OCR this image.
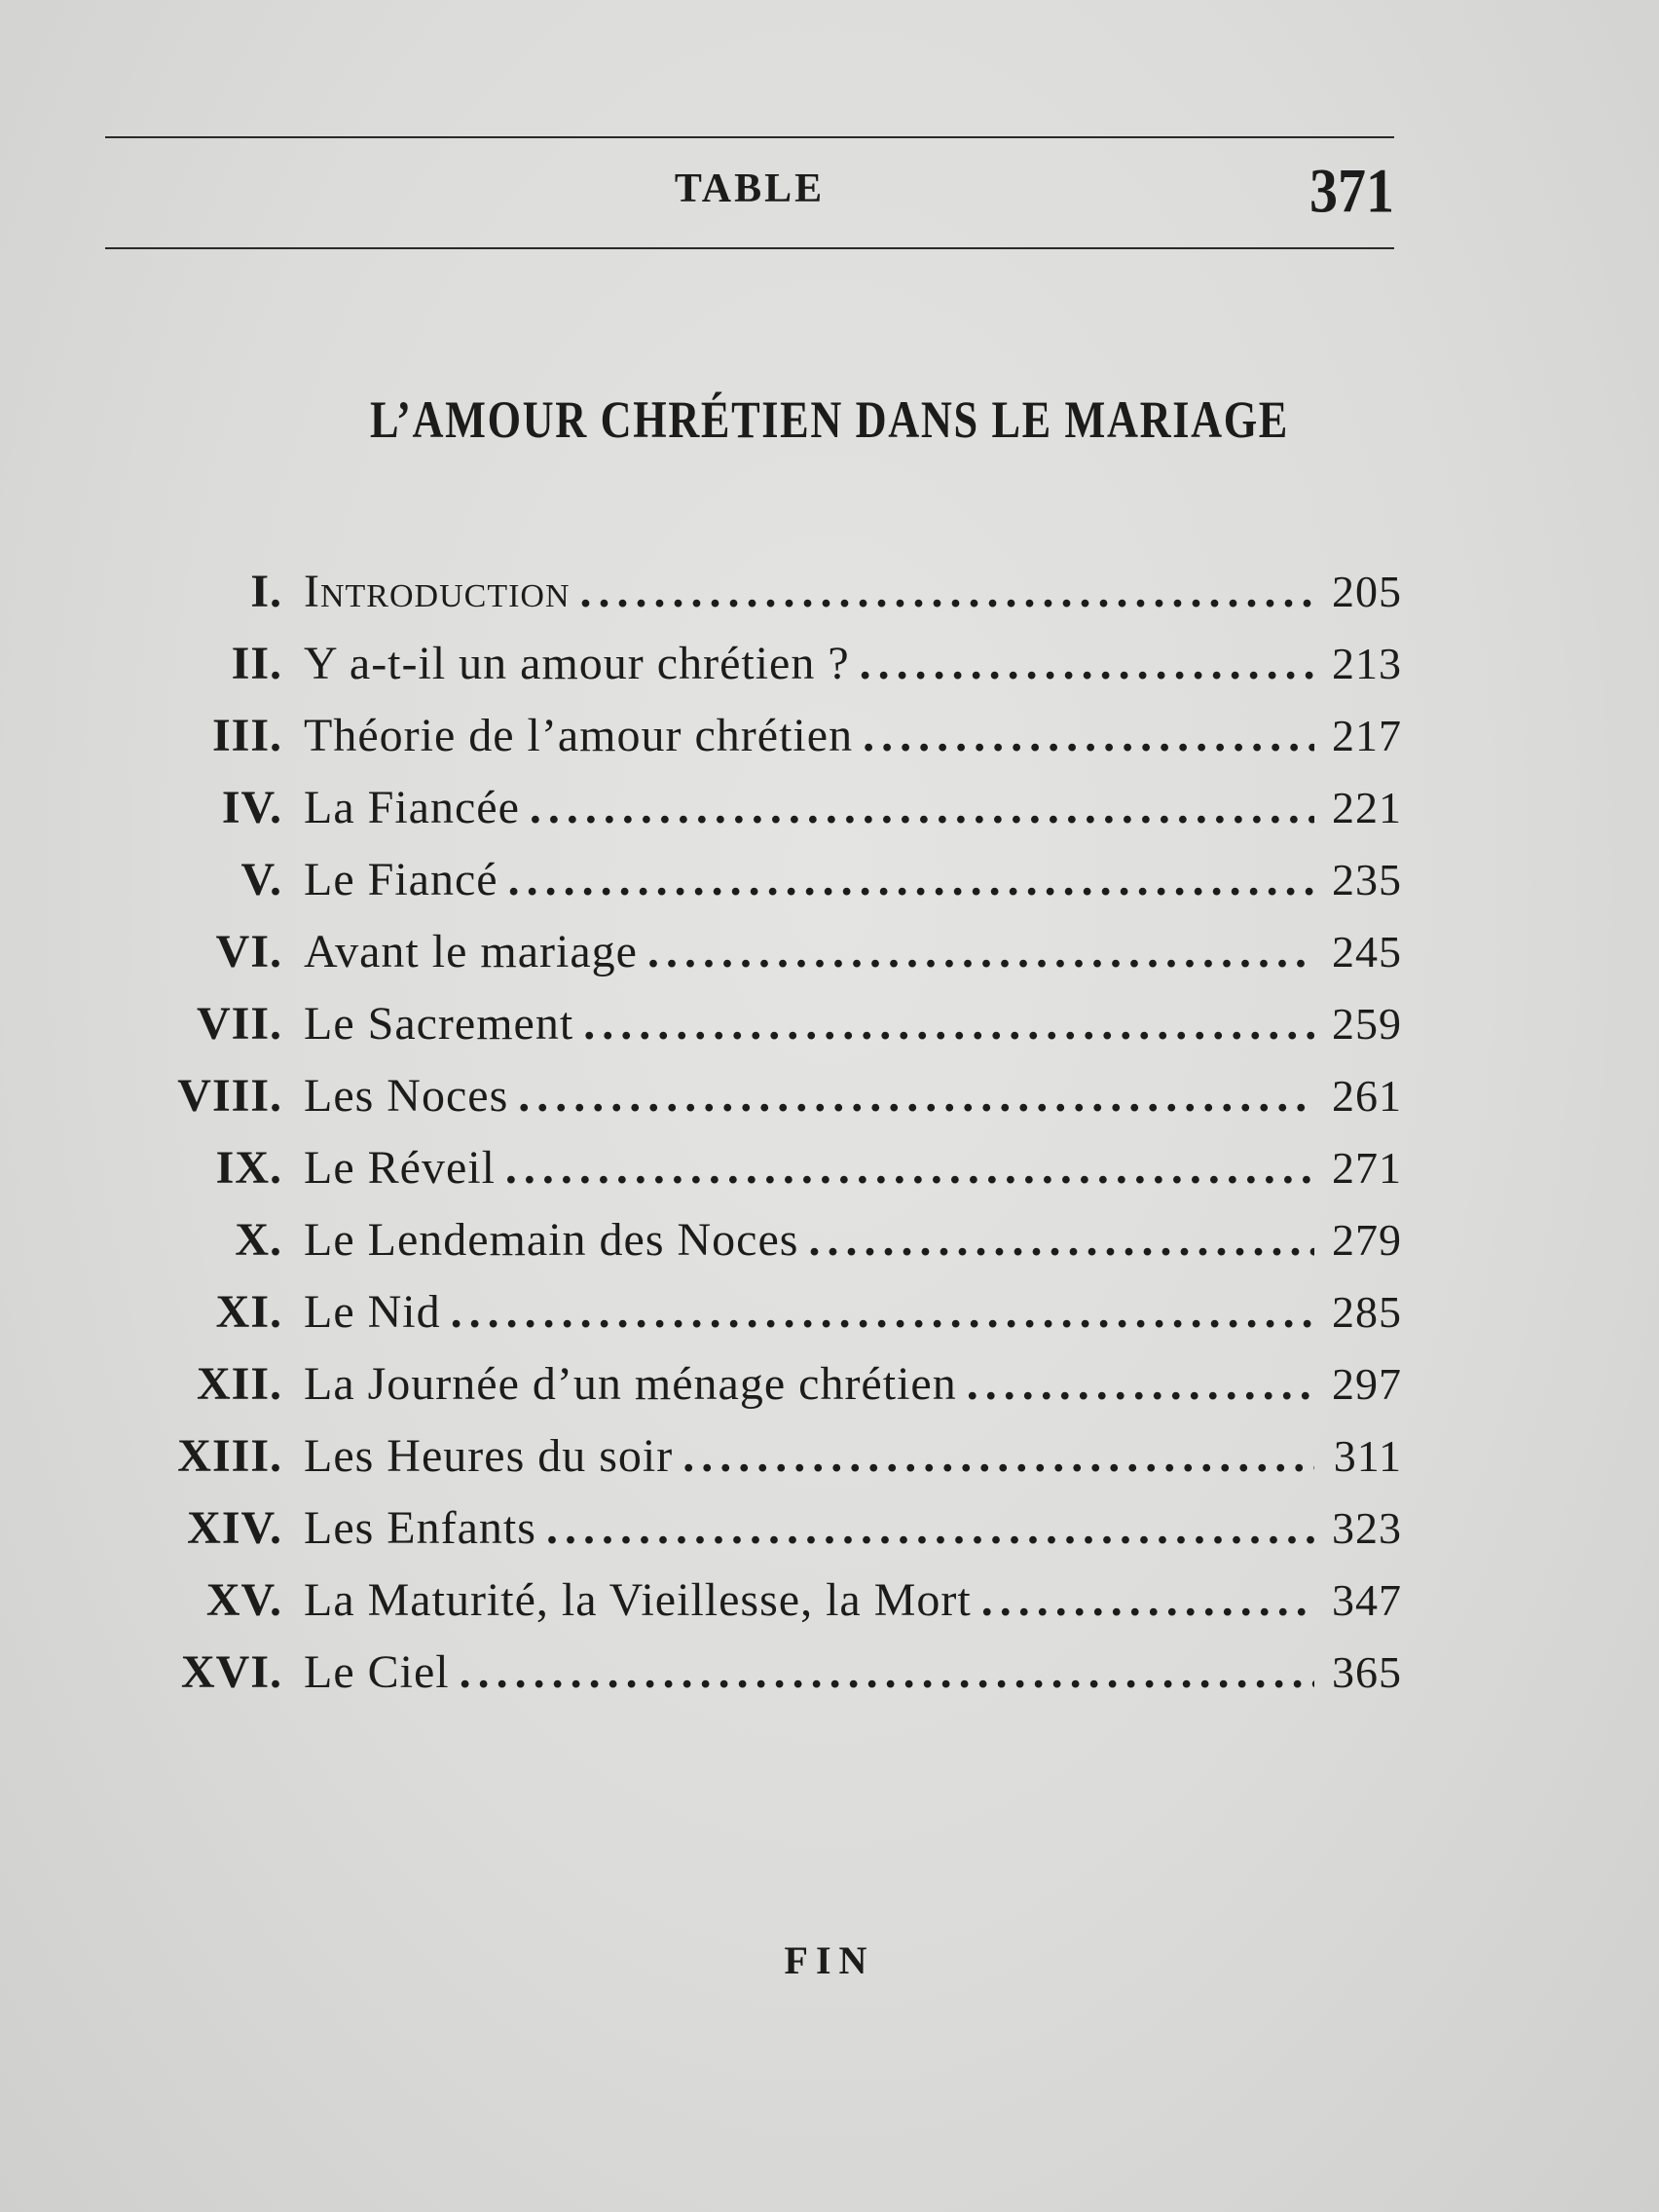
TABLE	371
L’AMOUR CHRÉTIEN DANS LE MARIAGE
I. Introduction .....	205
II. Y a-t-il un amour chrétien ? .....	213
III. Théorie de l’amour chrétien .....	217
IV. La Fiancée .....	221
V. Le Fiancé .....	235
VI. Avant le mariage .....	245
VII. Le Sacrement .....	259
VIII. Les Noces .....	261
IX. Le Réveil .....	271
X. Le Lendemain des Noces .....	279
XI. Le Nid .....	285
XII. La Journée d’un ménage chrétien .....	297
XIII. Les Heures du soir .....	311
XIV. Les Enfants .....	323
XV. La Maturité, la Vieillesse, la Mort .....	347
XVI. Le Ciel .....	365
FIN
